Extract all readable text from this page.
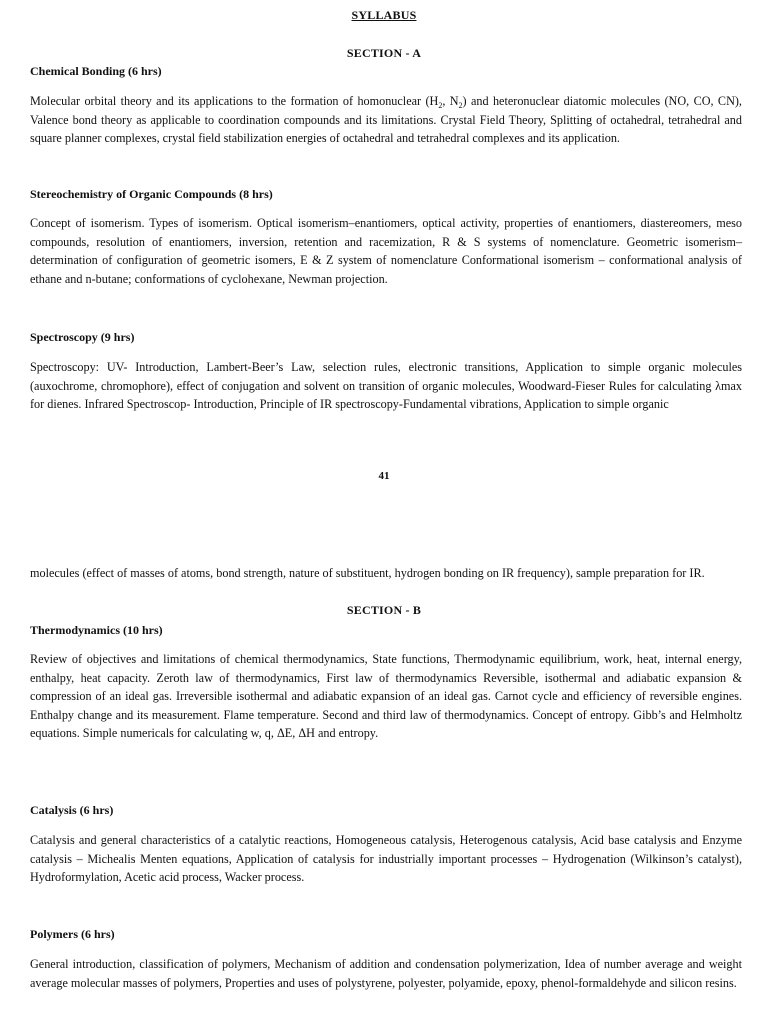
SYLLABUS
SECTION - A
Chemical Bonding (6 hrs)
Molecular orbital theory and its applications to the formation of homonuclear ($H_2$, $N_2$) and heteronuclear diatomic molecules (NO, CO, CN), Valence bond theory as applicable to coordination compounds and its limitations. Crystal Field Theory, Splitting of octahedral, tetrahedral and square planner complexes, crystal field stabilization energies of octahedral and tetrahedral complexes and its application.
Stereochemistry of Organic Compounds (8 hrs)
Concept of isomerism. Types of isomerism. Optical isomerism–enantiomers, optical activity, properties of enantiomers, diastereomers, meso compounds, resolution of enantiomers, inversion, retention and racemization, R & S systems of nomenclature. Geometric isomerism– determination of configuration of geometric isomers, E & Z system of nomenclature Conformational isomerism – conformational analysis of ethane and n-butane; conformations of cyclohexane, Newman projection.
Spectroscopy (9 hrs)
Spectroscopy: UV- Introduction, Lambert-Beer’s Law, selection rules, electronic transitions, Application to simple organic molecules (auxochrome, chromophore), effect of conjugation and solvent on transition of organic molecules, Woodward-Fieser Rules for calculating λmax for dienes. Infrared Spectroscop- Introduction, Principle of IR spectroscopy-Fundamental vibrations, Application to simple organic
41
molecules (effect of masses of atoms, bond strength, nature of substituent, hydrogen bonding on IR frequency), sample preparation for IR.
SECTION - B
Thermodynamics (10 hrs)
Review of objectives and limitations of chemical thermodynamics, State functions, Thermodynamic equilibrium, work, heat, internal energy, enthalpy, heat capacity. Zeroth law of thermodynamics, First law of thermodynamics Reversible, isothermal and adiabatic expansion & compression of an ideal gas. Irreversible isothermal and adiabatic expansion of an ideal gas. Carnot cycle and efficiency of reversible engines. Enthalpy change and its measurement. Flame temperature. Second and third law of thermodynamics. Concept of entropy. Gibb’s and Helmholtz equations. Simple numericals for calculating w, q, ΔE, ΔH and entropy.
Catalysis (6 hrs)
Catalysis and general characteristics of a catalytic reactions, Homogeneous catalysis, Heterogenous catalysis, Acid base catalysis and Enzyme catalysis – Michealis Menten equations, Application of catalysis for industrially important processes – Hydrogenation (Wilkinson’s catalyst), Hydroformylation, Acetic acid process, Wacker process.
Polymers (6 hrs)
General introduction, classification of polymers, Mechanism of addition and condensation polymerization, Idea of number average and weight average molecular masses of polymers, Properties and uses of polystyrene, polyester, polyamide, epoxy, phenol-formaldehyde and silicon resins.
